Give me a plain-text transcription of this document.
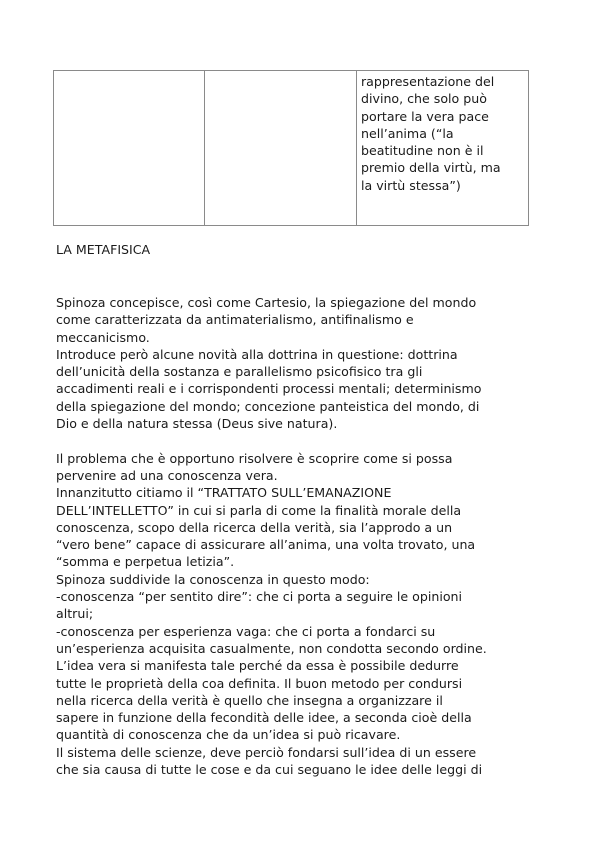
rappresentazione del
divino, che solo può
portare la vera pace
nell’anima (“la
beatitudine non è il
premio della virtù, ma
la virtù stessa”)
LA METAFISICA
Spinoza concepisce, così come Cartesio, la spiegazione del mondo
come caratterizzata da antimaterialismo, antifinalismo e
meccanicismo.
Introduce però alcune novità alla dottrina in questione: dottrina
dell’unicità della sostanza e parallelismo psicofisico tra gli
accadimenti reali e i corrispondenti processi mentali; determinismo
della spiegazione del mondo; concezione panteistica del mondo, di
Dio e della natura stessa (Deus sive natura).
Il problema che è opportuno risolvere è scoprire come si possa
pervenire ad una conoscenza vera.
Innanzitutto citiamo il “TRATTATO SULL’EMANAZIONE
DELL’INTELLETTO” in cui si parla di come la finalità morale della
conoscenza, scopo della ricerca della verità, sia l’approdo a un
“vero bene” capace di assicurare all’anima, una volta trovato, una
“somma e perpetua letizia”.
Spinoza suddivide la conoscenza in questo modo:
-conoscenza “per sentito dire”: che ci porta a seguire le opinioni
altrui;
-conoscenza per esperienza vaga: che ci porta a fondarci su
un’esperienza acquisita casualmente, non condotta secondo ordine.
L’idea vera si manifesta tale perché da essa è possibile dedurre
tutte le proprietà della coa definita. Il buon metodo per condursi
nella ricerca della verità è quello che insegna a organizzare il
sapere in funzione della fecondità delle idee, a seconda cioè della
quantità di conoscenza che da un’idea si può ricavare.
Il sistema delle scienze, deve perciò fondarsi sull’idea di un essere
che sia causa di tutte le cose e da cui seguano le idee delle leggi di
